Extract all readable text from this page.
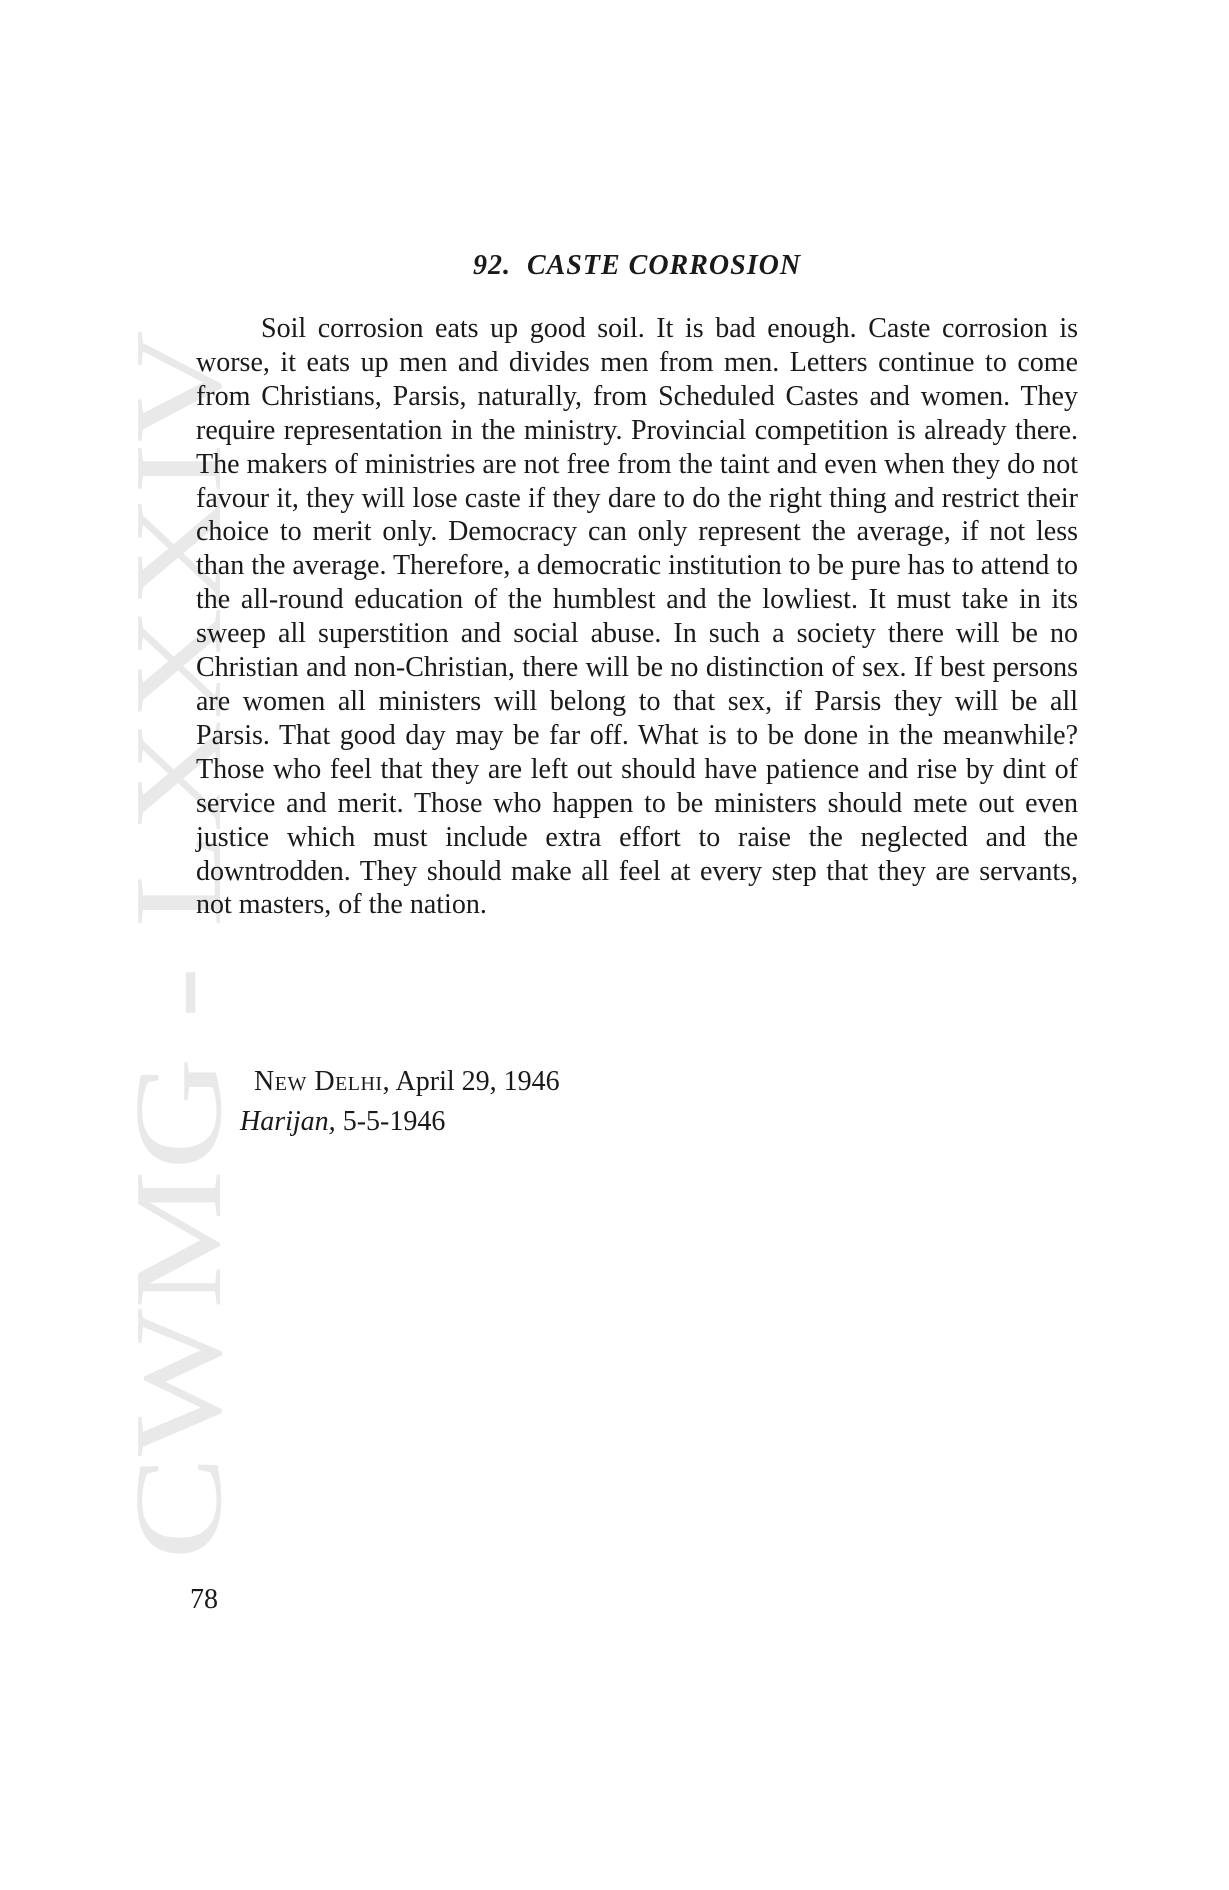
CWMG - LXXXIV
92. CASTE CORROSION

Soil corrosion eats up good soil. It is bad enough. Caste corrosion is worse, it eats up men and divides men from men. Letters continue to come from Christians, Parsis, naturally, from Scheduled Castes and women. They require representation in the ministry. Provincial competition is already there. The makers of ministries are not free from the taint and even when they do not favour it, they will lose caste if they dare to do the right thing and restrict their choice to merit only. Democracy can only represent the average, if not less than the average. Therefore, a democratic institution to be pure has to attend to the all-round education of the humblest and the lowliest. It must take in its sweep all superstition and social abuse. In such a society there will be no Christian and non-Christian, there will be no distinction of sex. If best persons are women all ministers will belong to that sex, if Parsis they will be all Parsis. That good day may be far off. What is to be done in the meanwhile? Those who feel that they are left out should have patience and rise by dint of service and merit. Those who happen to be ministers should mete out even justice which must include extra effort to raise the neglected and the downtrodden. They should make all feel at every step that they are servants, not masters, of the nation.

New Delhi, April 29, 1946

Harijan, 5-5-1946

78
